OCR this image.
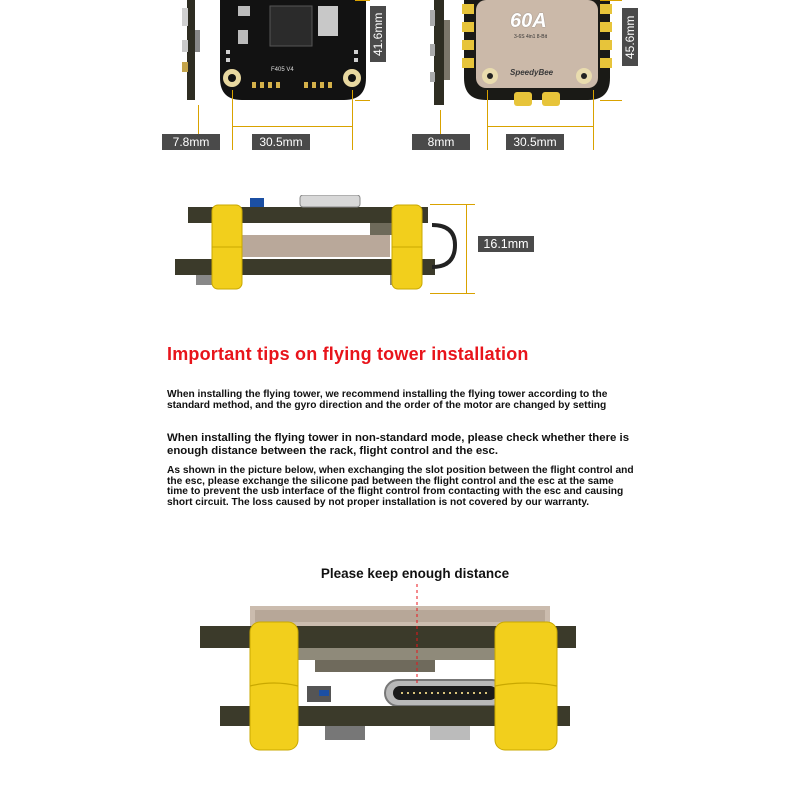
F405 V4
41.6mm
7.8mm	30.5mm
60A
3-6S 4in1 8-Bit
SpeedyBee
45.6mm
8mm	30.5mm
16.1mm
Important tips on flying tower installation
When installing the flying tower, we recommend installing the flying tower according to the standard method, and the gyro direction and the order of the motor are changed by setting
When installing the flying tower in non-standard mode, please check whether there is enough distance between the rack, flight control and the esc.
As shown in the picture below, when exchanging the slot position between the flight control and the esc, please exchange the silicone pad between the flight control and the esc at the same time to prevent the usb interface of the flight control from contacting with the esc and causing short circuit. The loss caused by not proper installation is not covered by our warranty.
Please keep enough distance
